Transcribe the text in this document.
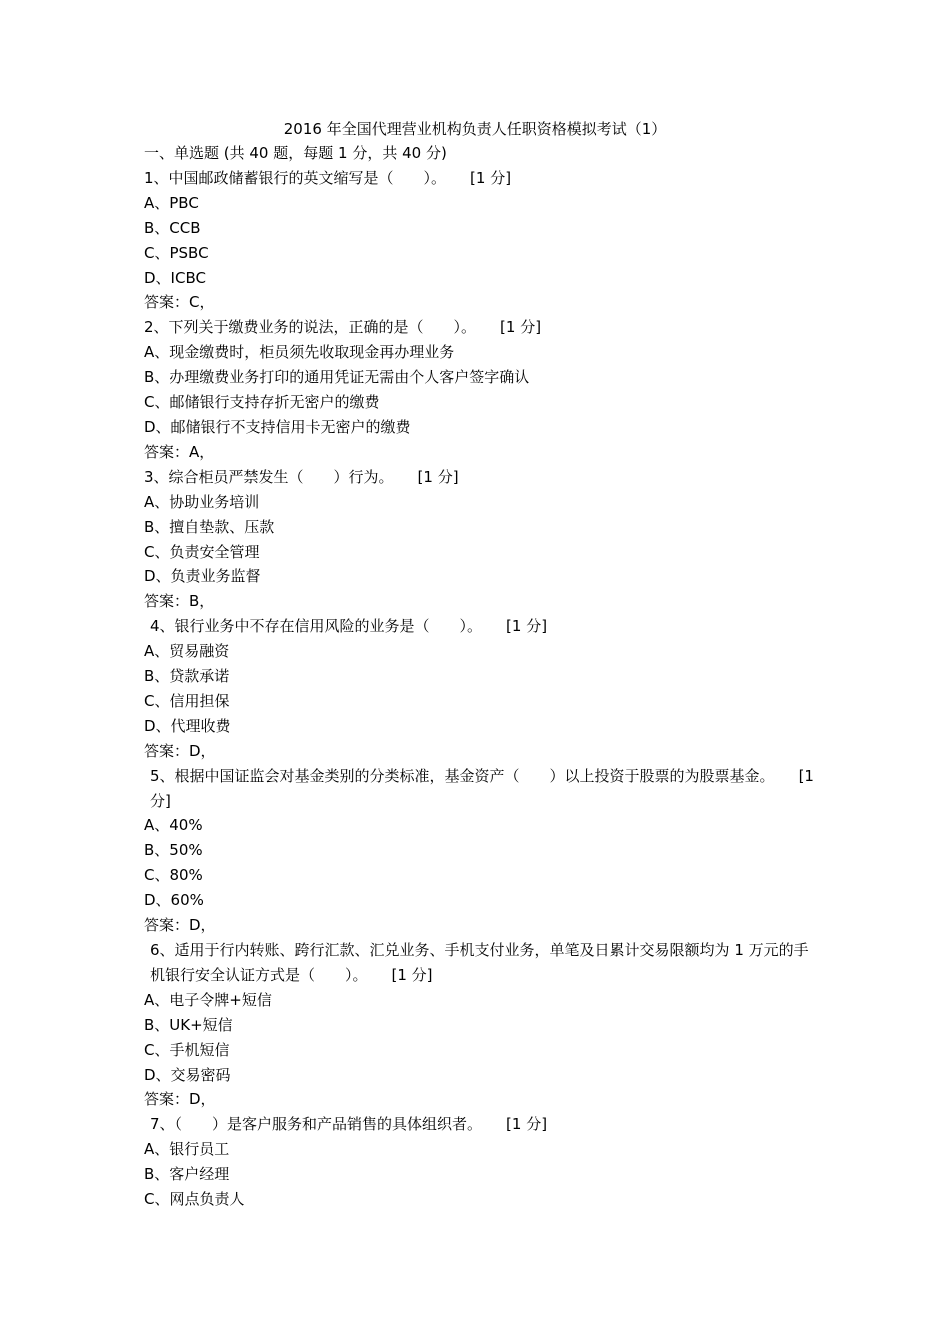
2016 年全国代理营业机构负责人任职资格模拟考试（1）

一、单选题 (共 40 题，每题 1 分，共 40 分)

1、中国邮政储蓄银行的英文缩写是（　　）。 [1 分]

A、PBC

B、CCB

C、PSBC

D、ICBC

答案：C，

2、下列关于缴费业务的说法，正确的是（　　）。 [1 分]

A、现金缴费时，柜员须先收取现金再办理业务

B、办理缴费业务打印的通用凭证无需由个人客户签字确认

C、邮储银行支持存折无密户的缴费

D、邮储银行不支持信用卡无密户的缴费

答案：A，

3、综合柜员严禁发生（　　）行为。 [1 分]

A、协助业务培训

B、擅自垫款、压款

C、负责安全管理

D、负责业务监督

答案：B，

4、银行业务中不存在信用风险的业务是（　　）。 [1 分]

A、贸易融资

B、贷款承诺

C、信用担保

D、代理收费

答案：D，

5、根据中国证监会对基金类别的分类标准，基金资产（　　）以上投资于股票的为股票基金。 [1 分]

A、40%

B、50%

C、80%

D、60%

答案：D，

6、适用于行内转账、跨行汇款、汇兑业务、手机支付业务，单笔及日累计交易限额均为 1 万元的手机银行安全认证方式是（　　）。 [1 分]

A、电子令牌+短信

B、UK+短信

C、手机短信

D、交易密码

答案：D，

7、（　　）是客户服务和产品销售的具体组织者。 [1 分]

A、银行员工

B、客户经理

C、网点负责人
